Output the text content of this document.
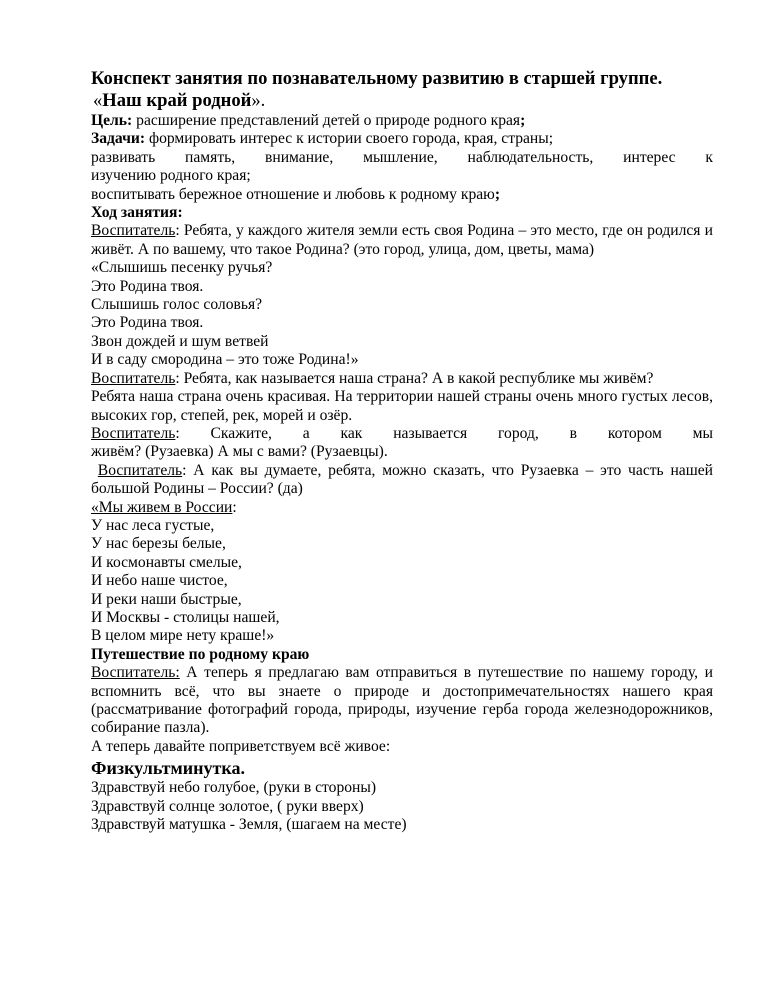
Конспект занятия по познавательному развитию в старшей группе.

«Наш край родной».

Цель: расширение представлений детей о природе родного края;

Задачи: формировать интерес к истории своего города, края, страны;

развивать память, внимание, мышление, наблюдательность, интерес к

изучению родного края;

воспитывать бережное отношение и любовь к родному краю;

Ход занятия:

Воспитатель: Ребята, у каждого жителя земли есть своя Родина – это место, где он родился и живёт. А по вашему, что такое Родина? (это город, улица, дом, цветы, мама)

«Слышишь песенку ручья?

Это Родина твоя.

Слышишь голос соловья?

Это Родина твоя.

Звон дождей и шум ветвей

И в саду смородина – это тоже Родина!»

Воспитатель: Ребята, как называется наша страна? А в какой республике мы живём?

Ребята наша страна очень красивая. На территории нашей страны очень много густых лесов, высоких гор, степей, рек, морей и озёр.

Воспитатель: Скажите, а как называется город, в котором мы

живём? (Рузаевка) А мы с вами? (Рузаевцы).

Воспитатель: А как вы думаете, ребята, можно сказать, что Рузаевка – это часть нашей большой Родины – России? (да)

«Мы живем в России:

У нас леса густые,

У нас березы белые,

И космонавты смелые,

И небо наше чистое,

И реки наши быстрые,

И Москвы - столицы нашей,

В целом мире нету краше!»

Путешествие по родному краю

Воспитатель: А теперь я предлагаю вам отправиться в путешествие по нашему городу, и вспомнить всё, что вы знаете о природе и достопримечательностях нашего края (рассматривание фотографий города, природы, изучение герба города железнодорожников, собирание пазла).

А теперь давайте поприветствуем всё живое:

Физкультминутка.

Здравствуй небо голубое, (руки в стороны)

Здравствуй солнце золотое, ( руки вверх)

Здравствуй матушка - Земля, (шагаем на месте)
